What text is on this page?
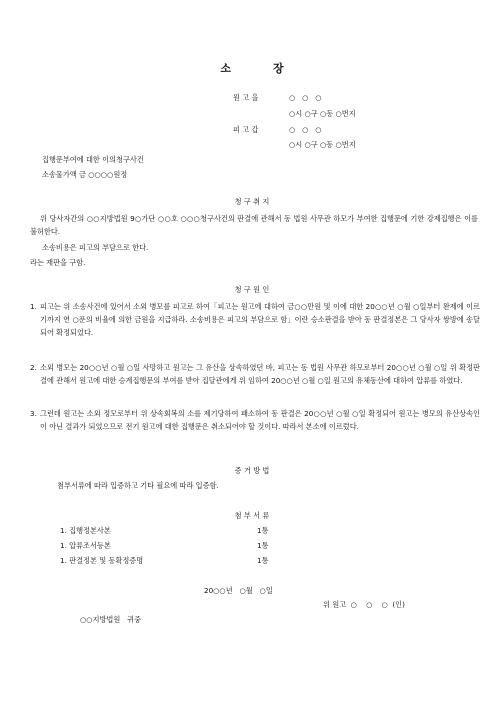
소	장
원 고 을	○   ○   ○
○시 ○구 ○동 ○번지
피 고 갑	○   ○   ○
○시 ○구 ○동 ○번지
집행문부여에 대한 이의청구사건
소송물가액 금 ○○○○원정
청 구 취 지
위 당사자간의 ○○지방법원 9○가단 ○○호 ○○○청구사건의 판결에 관해서 동 법원 사무관 하모가 부여한 집행문에 기한 강제집행은 이를 불허한다.
소송비용은 피고의 부담으로 한다.
라는 재판을 구함.
청 구 원 인
1. 피고는 위 소송사건에 있어서 소외 병모를 피고로 하여「피고는 원고에 대하여 금○○만원 및 이에 대한 20○○년 ○월 ○일부터 완제에 이르기까지 연 ○푼의 비율에 의한 금원을 지급하라. 소송비용은 피고의 부담으로 함」이란 승소판결을 받아 동 판결정본은 그 당사자 쌍방에 송달되어 확정되었다.
2. 소외 병모는 20○○년 ○월 ○일 사망하고 원고는 그 유산을 상속하였던 바, 피고는 동 법원 사무관 하모로부터 20○○년 ○월 ○일 위 확정판결에 관해서 원고에 대한 승계집행문의 부여를 받아 집달관에게 위 임하여 20○○년 ○월 ○일 원고의 유체동산에 대하여 압류를 하였다.
3. 그런데 원고는 소외 정모로부터 위 상속회복의 소를 제기당하여 패소하여 동 판결은 20○○년 ○월 ○일 확정되어 원고는 병모의 유산상속인이 아닌 결과가 되었으므로 전기 원고에 대한 집행문은 취소되어야 할 것이다. 따라서 본소에 이르렀다.
증 거 방 법
첨부서류에 따라 입증하고 기타 필요에 따라 입증함.
첨 부 서 류
1. 집행정본사본	1통
1. 압류조서등본	1통
1. 판결정본 및 동확정증명	1통
20○○년   ○월   ○일
위 원고  ○    ○    ○  (인)
○○지방법원   귀중
